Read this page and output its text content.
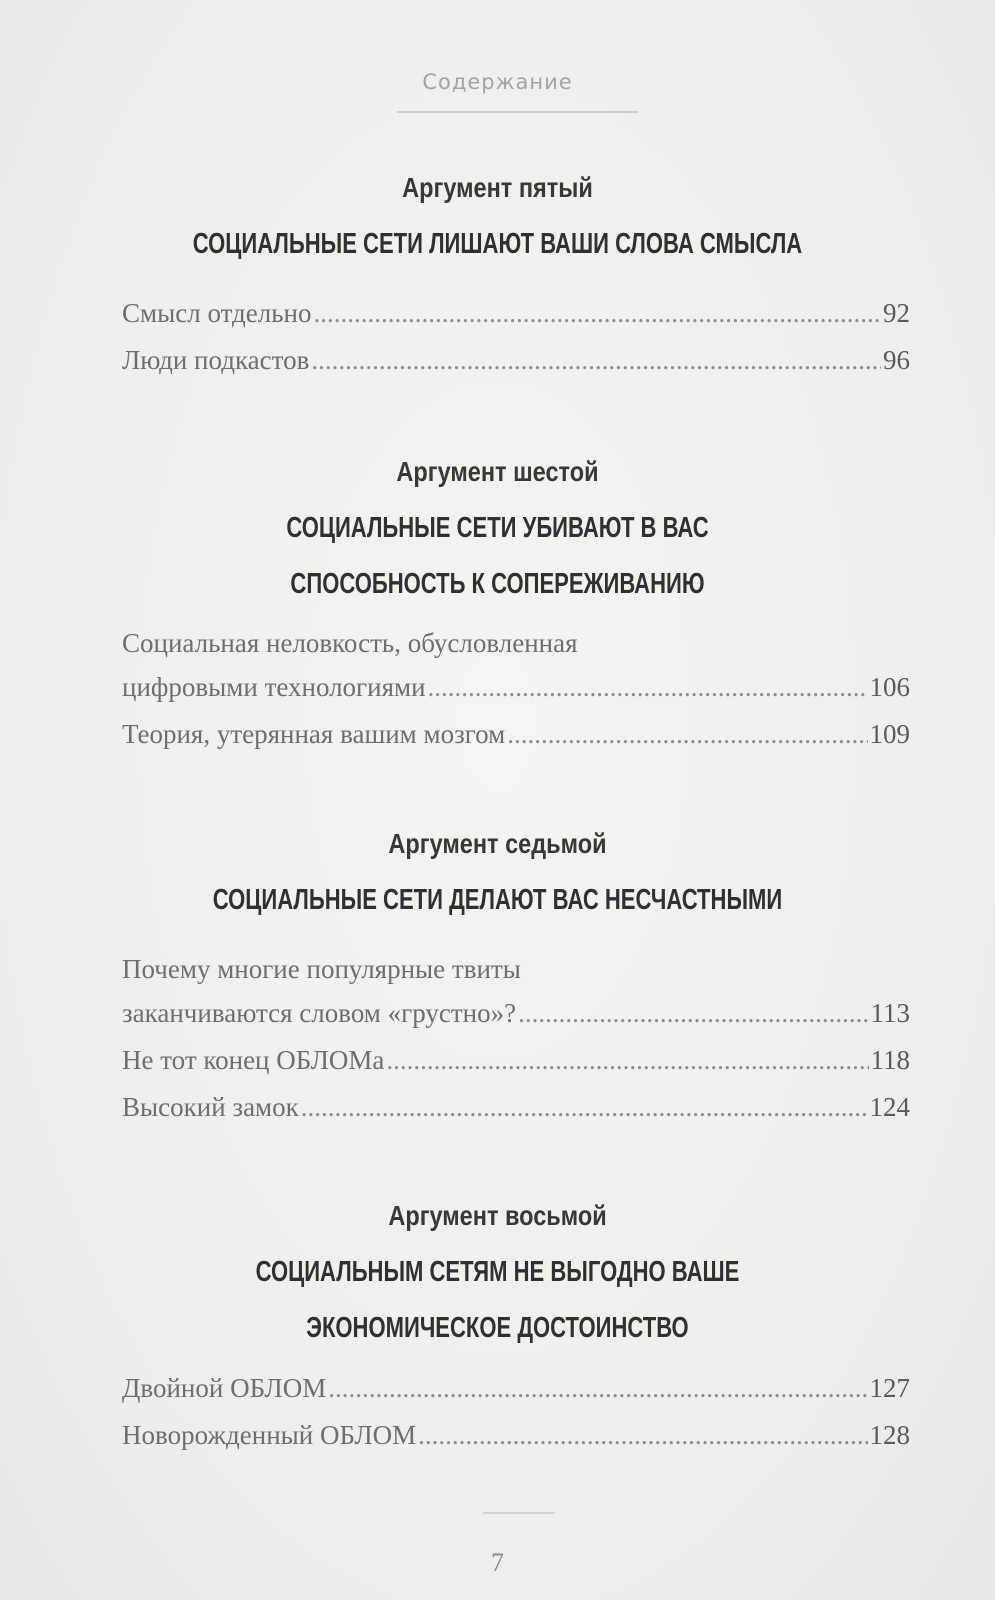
Содержание
Аргумент пятый
СОЦИАЛЬНЫЕ СЕТИ ЛИШАЮТ ВАШИ СЛОВА СМЫСЛА
Смысл отдельно .....	92
Люди подкастов .....	96
Аргумент шестой
СОЦИАЛЬНЫЕ СЕТИ УБИВАЮТ В ВАС
СПОСОБНОСТЬ К СОПЕРЕЖИВАНИЮ
Социальная неловкость, обусловленная
цифровыми технологиями .....	106
Теория, утерянная вашим мозгом .....	109
Аргумент седьмой
СОЦИАЛЬНЫЕ СЕТИ ДЕЛАЮТ ВАС НЕСЧАСТНЫМИ
Почему многие популярные твиты
заканчиваются словом «грустно»? .....	113
Не тот конец ОБЛОМа .....	118
Высокий замок .....	124
Аргумент восьмой
СОЦИАЛЬНЫМ СЕТЯМ НЕ ВЫГОДНО ВАШЕ
ЭКОНОМИЧЕСКОЕ ДОСТОИНСТВО
Двойной ОБЛОМ .....	127
Новорожденный ОБЛОМ .....	128
7
